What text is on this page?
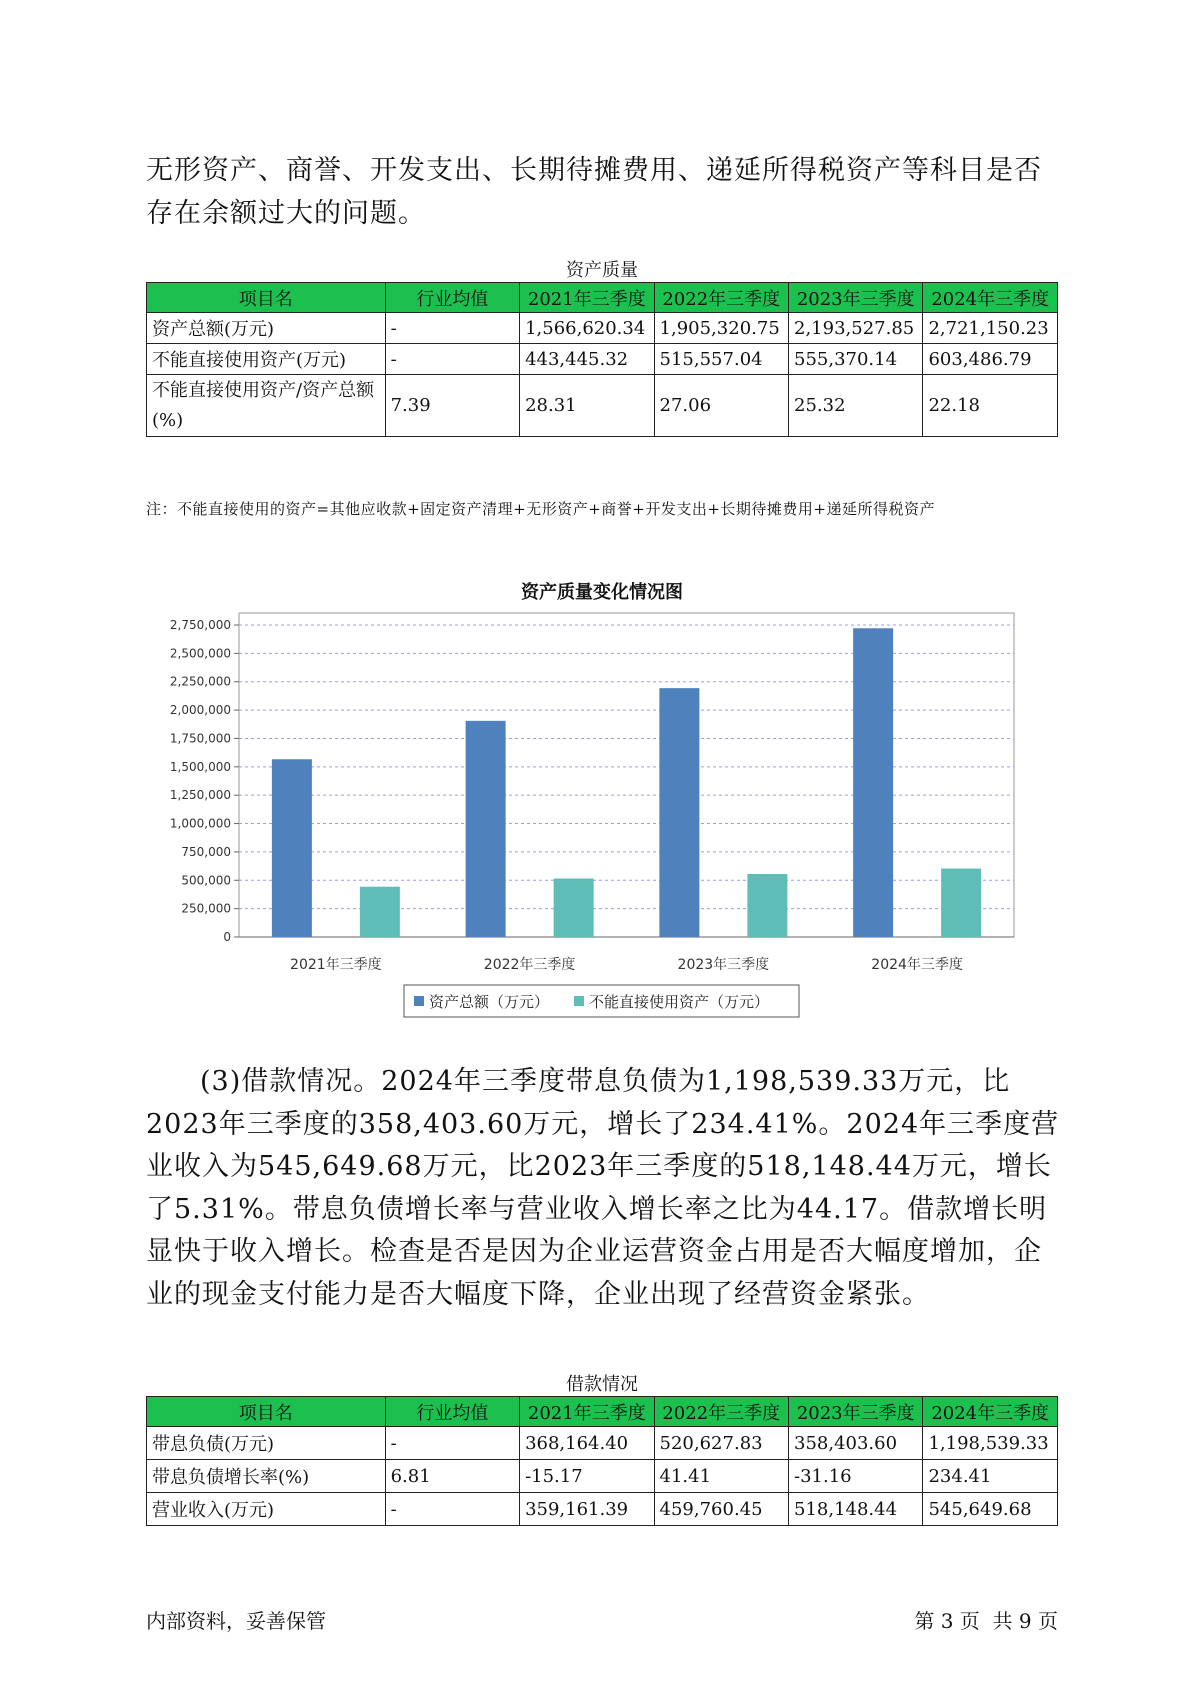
无形资产、商誉、开发支出、长期待摊费用、递延所得税资产等科目是否存在余额过大的问题。

资产质量
项目名	行业均值	2021年三季度	2022年三季度	2023年三季度	2024年三季度
资产总额(万元)	-	1,566,620.34	1,905,320.75	2,193,527.85	2,721,150.23
不能直接使用资产(万元)	-	443,445.32	515,557.04	555,370.14	603,486.79
不能直接使用资产/资产总额(%)	7.39	28.31	27.06	25.32	22.18
注：不能直接使用的资产=其他应收款+固定资产清理+无形资产+商誉+开发支出+长期待摊费用+递延所得税资产
资产质量变化情况图
0
250,000
500,000
750,000
1,000,000
1,250,000
1,500,000
1,750,000
2,000,000
2,250,000
2,500,000
2,750,000
2021年三季度	2022年三季度	2023年三季度	2024年三季度
资产总额（万元）	不能直接使用资产（万元）

(3)借款情况。2024年三季度带息负债为1,198,539.33万元，比2023年三季度的358,403.60万元，增长了234.41%。2024年三季度营业收入为545,649.68万元，比2023年三季度的518,148.44万元，增长了5.31%。带息负债增长率与营业收入增长率之比为44.17。借款增长明显快于收入增长。检查是否是因为企业运营资金占用是否大幅度增加，企业的现金支付能力是否大幅度下降，企业出现了经营资金紧张。

借款情况
项目名	行业均值	2021年三季度	2022年三季度	2023年三季度	2024年三季度
带息负债(万元)	-	368,164.40	520,627.83	358,403.60	1,198,539.33
带息负债增长率(%)	6.81	-15.17	41.41	-31.16	234.41
营业收入(万元)	-	359,161.39	459,760.45	518,148.44	545,649.68
内部资料，妥善保管	第 3 页  共 9 页
